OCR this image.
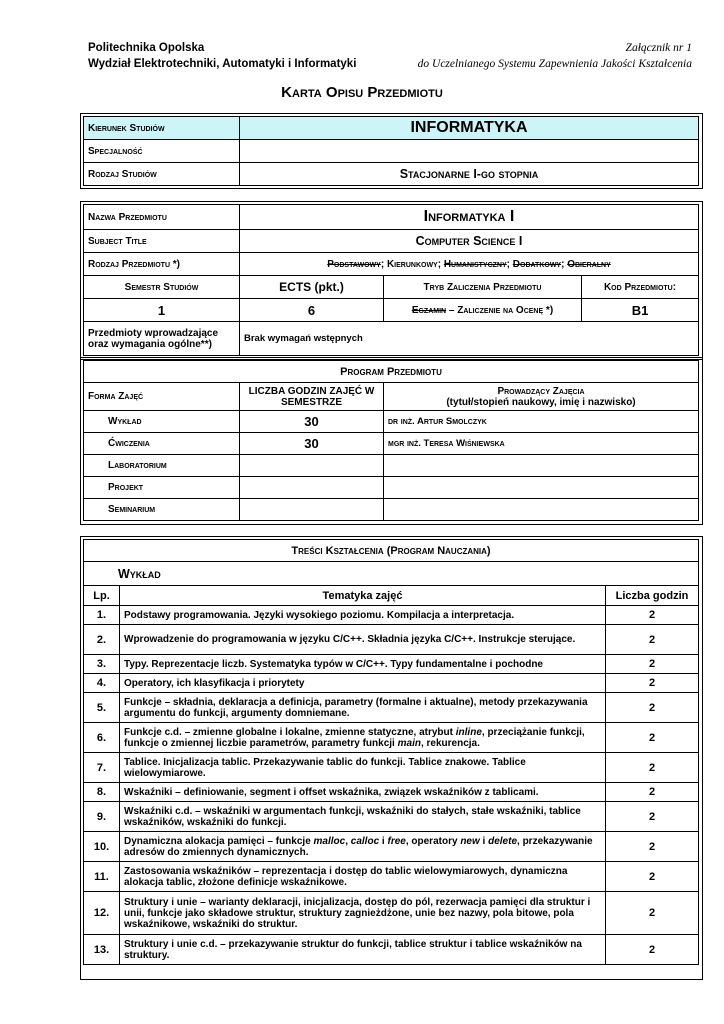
Politechnika Opolska
Wydział Elektrotechniki, Automatyki i Informatyki
Załącznik nr 1
do Uczelnianego Systemu Zapewnienia Jakości Kształcenia
Karta Opisu Przedmiotu
Kierunek Studiów	INFORMATYKA
Specjalność	
Rodzaj Studiów	Stacjonarne I-go stopnia
Nazwa Przedmiotu	Informatyka I		
Subject Title	Computer Science I		
Rodzaj Przedmiotu *)	Podstawowy; Kierunkowy; Humanistyczny; Dodatkowy; Obieralny		
Semestr Studiów	ECTS (pkt.)	Tryb Zaliczenia Przedmiotu	Kod Przedmiotu:
1	6	Egzamin – Zaliczenie na Ocenę *)	B1
Przedmioty wprowadzające oraz wymagania ogólne**)	Brak wymagań wstępnych		
Program Przedmiotu		
Forma Zajęć	LICZBA GODZIN ZAJĘĆ W SEMESTRZE	Prowadzący Zajęcia
(tytuł/stopień naukowy, imię i nazwisko)

Wykład	30	dr inż. Artur Smolczyk
Ćwiczenia	30	mgr inż. Teresa Wiśniewska
Laboratorium		
Projekt		
Seminarium		
Treści Kształcenia (Program Nauczania)		
Wykład		
Lp.	Tematyka zajęć	Liczba godzin
1.	Podstawy programowania. Języki wysokiego poziomu. Kompilacja a interpretacja.	2
2.	Wprowadzenie do programowania w języku C/C++. Składnia języka C/C++. Instrukcje sterujące.	2
3.	Typy. Reprezentacje liczb. Systematyka typów w C/C++. Typy fundamentalne i pochodne	2
4.	Operatory, ich klasyfikacja i priorytety	2
5.	Funkcje – składnia, deklaracja a definicja, parametry (formalne i aktualne), metody przekazywania argumentu do funkcji, argumenty domniemane.	2
6.	Funkcje c.d. – zmienne globalne i lokalne, zmienne statyczne, atrybut inline, przeciążanie funkcji, funkcje o zmiennej liczbie parametrów, parametry funkcji main, rekurencja.	2
7.	Tablice. Inicjalizacja tablic. Przekazywanie tablic do funkcji. Tablice znakowe. Tablice wielowymiarowe.	2
8.	Wskaźniki – definiowanie, segment i offset wskaźnika, związek wskaźników z tablicami.	2
9.	Wskaźniki c.d. – wskaźniki w argumentach funkcji, wskaźniki do stałych, stałe wskaźniki, tablice wskaźników, wskaźniki do funkcji.	2
10.	Dynamiczna alokacja pamięci – funkcje malloc, calloc i free, operatory new i delete, przekazywanie adresów do zmiennych dynamicznych.	2
11.	Zastosowania wskaźników – reprezentacja i dostęp do tablic wielowymiarowych, dynamiczna alokacja tablic, złożone definicje wskaźnikowe.	2
12.	Struktury i unie – warianty deklaracji, inicjalizacja, dostęp do pól, rezerwacja pamięci dla struktur i unii, funkcje jako składowe struktur, struktury zagnieżdżone, unie bez nazwy, pola bitowe, pola wskaźnikowe, wskaźniki do struktur.	2
13.	Struktury i unie c.d. – przekazywanie struktur do funkcji, tablice struktur i tablice wskaźników na struktury.	2
